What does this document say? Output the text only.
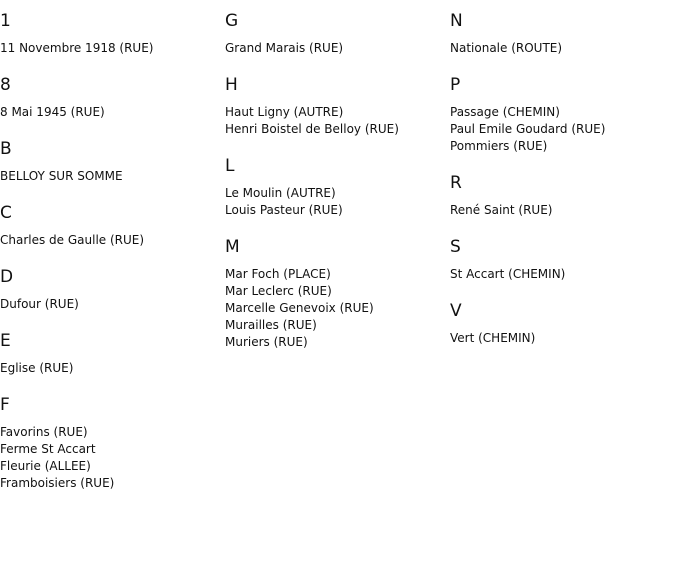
1
11 Novembre 1918 (RUE)
8
8 Mai 1945 (RUE)
B
BELLOY SUR SOMME
C
Charles de Gaulle (RUE)
D
Dufour (RUE)
E
Eglise (RUE)
F
Favorins (RUE)
Ferme St Accart
Fleurie (ALLEE)
Framboisiers (RUE)
G
Grand Marais (RUE)
H
Haut Ligny (AUTRE)
Henri Boistel de Belloy (RUE)
L
Le Moulin (AUTRE)
Louis Pasteur (RUE)
M
Mar Foch (PLACE)
Mar Leclerc (RUE)
Marcelle Genevoix (RUE)
Murailles (RUE)
Muriers (RUE)
N
Nationale (ROUTE)
P
Passage (CHEMIN)
Paul Emile Goudard (RUE)
Pommiers (RUE)
R
René Saint (RUE)
S
St Accart (CHEMIN)
V
Vert (CHEMIN)
